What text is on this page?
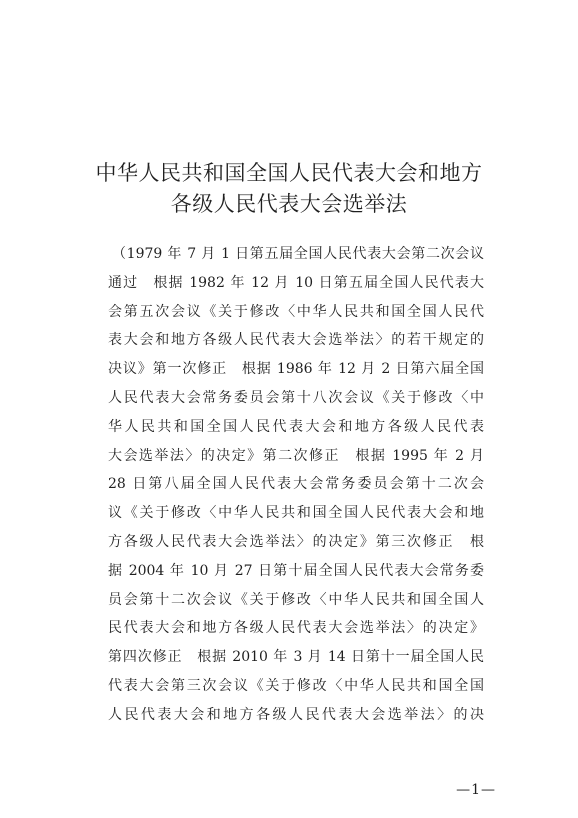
中华人民共和国全国人民代表大会和地方
各级人民代表大会选举法
（1979 年 7 月 1 日第五届全国人民代表大会第二次会议
通过　根据 1982 年 12 月 10 日第五届全国人民代表大
会第五次会议《关于修改〈中华人民共和国全国人民代
表大会和地方各级人民代表大会选举法〉的若干规定的
决议》第一次修正　根据 1986 年 12 月 2 日第六届全国
人民代表大会常务委员会第十八次会议《关于修改〈中
华人民共和国全国人民代表大会和地方各级人民代表
大会选举法〉的决定》第二次修正　根据 1995 年 2 月
28 日第八届全国人民代表大会常务委员会第十二次会
议《关于修改〈中华人民共和国全国人民代表大会和地
方各级人民代表大会选举法〉的决定》第三次修正　根
据 2004 年 10 月 27 日第十届全国人民代表大会常务委
员会第十二次会议《关于修改〈中华人民共和国全国人
民代表大会和地方各级人民代表大会选举法〉的决定》
第四次修正　根据 2010 年 3 月 14 日第十一届全国人民
代表大会第三次会议《关于修改〈中华人民共和国全国
人民代表大会和地方各级人民代表大会选举法〉的决
—1—
